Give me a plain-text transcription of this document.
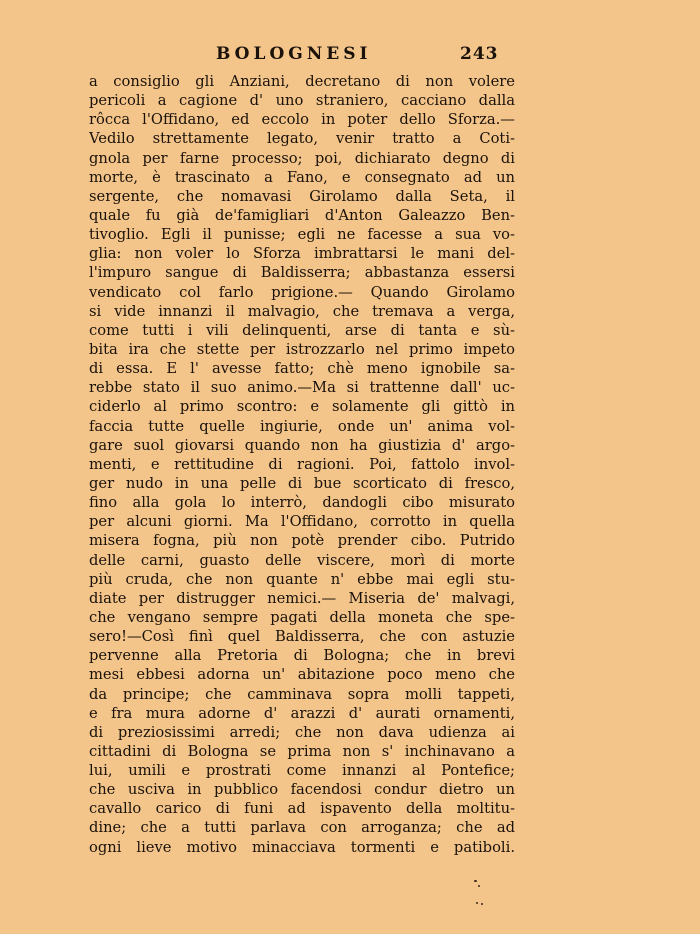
BOLOGNESI	243
a consiglio gli Anziani, decretano di non volere
pericoli a cagione d' uno straniero, cacciano dalla
rôcca l'Offidano, ed eccolo in poter dello Sforza.—
Vedilo strettamente legato, venir tratto a Coti-
gnola per farne processo; poi, dichiarato degno di
morte, è trascinato a Fano, e consegnato ad un
sergente, che nomavasi Girolamo dalla Seta, il
quale fu già de'famigliari d'Anton Galeazzo Ben-
tivoglio. Egli il punisse; egli ne facesse a sua vo-
glia: non voler lo Sforza imbrattarsi le mani del-
l'impuro sangue di Baldisserra; abbastanza essersi
vendicato col farlo prigione.— Quando Girolamo
si vide innanzi il malvagio, che tremava a verga,
come tutti i vili delinquenti, arse di tanta e sù-
bita ira che stette per istrozzarlo nel primo impeto
di essa. E l' avesse fatto; chè meno ignobile sa-
rebbe stato il suo animo.—Ma si trattenne dall' uc-
ciderlo al primo scontro: e solamente gli gittò in
faccia tutte quelle ingiurie, onde un' anima vol-
gare suol giovarsi quando non ha giustizia d' argo-
menti, e rettitudine di ragioni. Poi, fattolo invol-
ger nudo in una pelle di bue scorticato di fresco,
fino alla gola lo interrò, dandogli cibo misurato
per alcuni giorni. Ma l'Offidano, corrotto in quella
misera fogna, più non potè prender cibo. Putrido
delle carni, guasto delle viscere, morì di morte
più cruda, che non quante n' ebbe mai egli stu-
diate per distrugger nemici.— Miseria de' malvagi,
che vengano sempre pagati della moneta che spe-
sero!—Così finì quel Baldisserra, che con astuzie
pervenne alla Pretoria di Bologna; che in brevi
mesi ebbesi adorna un' abitazione poco meno che
da principe; che camminava sopra molli tappeti,
e fra mura adorne d' arazzi d' aurati ornamenti,
di preziosissimi arredi; che non dava udienza ai
cittadini di Bologna se prima non s' inchinavano a
lui, umili e prostrati come innanzi al Pontefice;
che usciva in pubblico facendosi condur dietro un
cavallo carico di funi ad ispavento della moltitu-
dine; che a tutti parlava con arroganza; che ad
ogni lieve motivo minacciava tormenti e patiboli.
